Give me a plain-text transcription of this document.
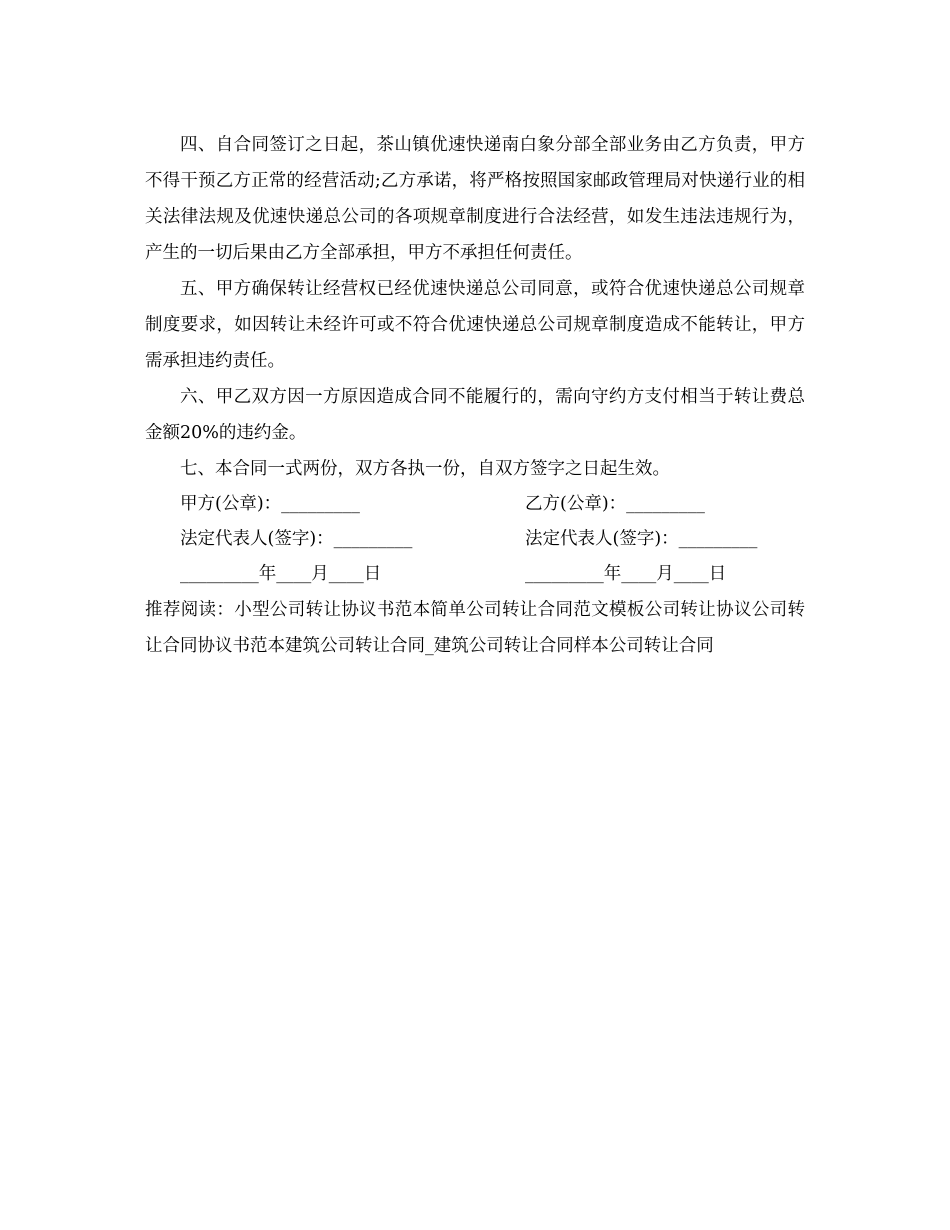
四、自合同签订之日起，茶山镇优速快递南白象分部全部业务由乙方负责，甲方不得干预乙方正常的经营活动;乙方承诺，将严格按照国家邮政管理局对快递行业的相关法律法规及优速快递总公司的各项规章制度进行合法经营，如发生违法违规行为，产生的一切后果由乙方全部承担，甲方不承担任何责任。

五、甲方确保转让经营权已经优速快递总公司同意，或符合优速快递总公司规章制度要求，如因转让未经许可或不符合优速快递总公司规章制度造成不能转让，甲方需承担违约责任。

六、甲乙双方因一方原因造成合同不能履行的，需向守约方支付相当于转让费总金额20%的违约金。

七、本合同一式两份，双方各执一份，自双方签字之日起生效。

甲方(公章)：_________	乙方(公章)：_________
法定代表人(签字)：_________	法定代表人(签字)：_________
_________年____月____日	_________年____月____日

推荐阅读：小型公司转让协议书范本简单公司转让合同范文模板公司转让协议公司转让合同协议书范本建筑公司转让合同_建筑公司转让合同样本公司转让合同
